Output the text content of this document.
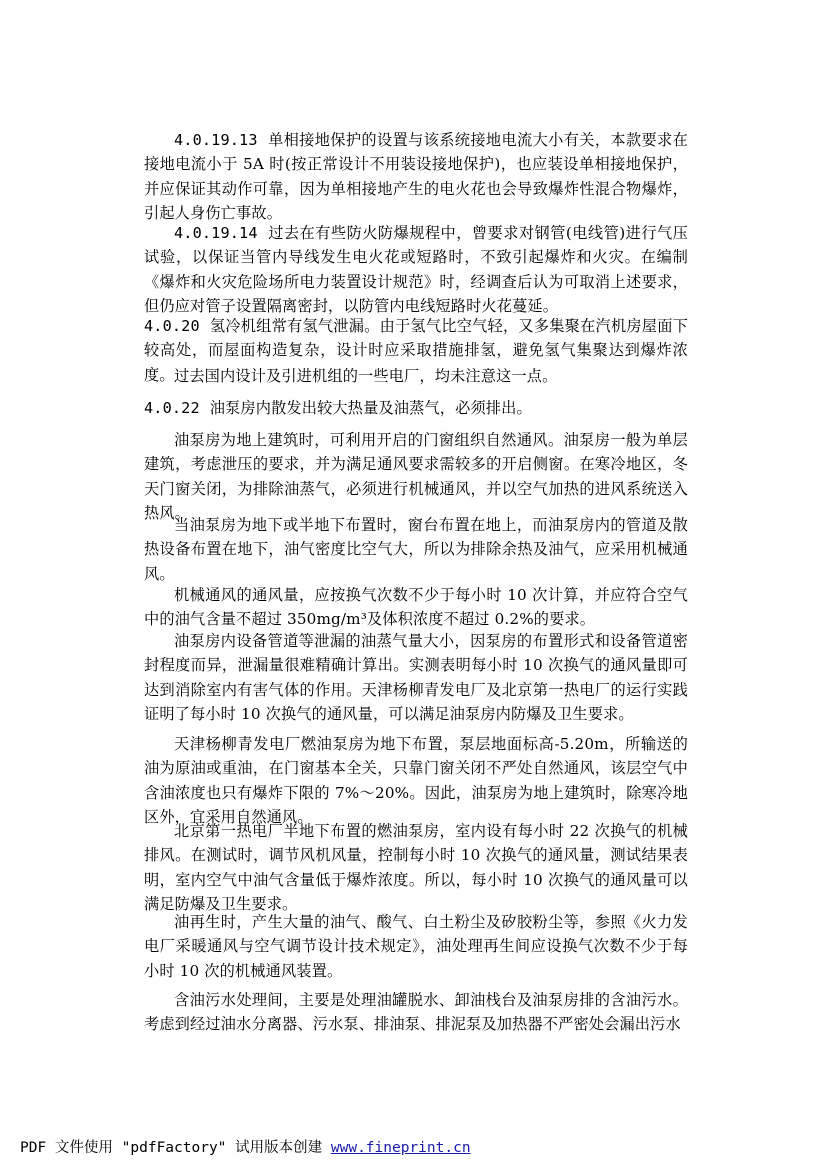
4.0.19.13 单相接地保护的设置与该系统接地电流大小有关，本款要求在接地电流小于 5A 时(按正常设计不用装设接地保护)，也应装设单相接地保护，并应保证其动作可靠，因为单相接地产生的电火花也会导致爆炸性混合物爆炸，引起人身伤亡事故。

4.0.19.14 过去在有些防火防爆规程中，曾要求对钢管(电线管)进行气压试验，以保证当管内导线发生电火花或短路时，不致引起爆炸和火灾。在编制《爆炸和火灾危险场所电力装置设计规范》时，经调查后认为可取消上述要求，但仍应对管子设置隔离密封，以防管内电线短路时火花蔓延。

4.0.20 氢冷机组常有氢气泄漏。由于氢气比空气轻，又多集聚在汽机房屋面下较高处，而屋面构造复杂，设计时应采取措施排氢，避免氢气集聚达到爆炸浓度。 过去国内设计及引进机组的一些电厂，均未注意这一点。

4.0.22 油泵房内散发出较大热量及油蒸气，必须排出。

油泵房为地上建筑时，可利用开启的门窗组织自然通风。油泵房一般为单层建筑，考虑泄压的要求，并为满足通风要求需较多的开启侧窗。在寒冷地区，冬天门窗关闭，为排除油蒸气，必须进行机械通风，并以空气加热的进风系统送入热风。

当油泵房为地下或半地下布置时，窗台布置在地上，而油泵房内的管道及散热设备布置在地下，油气密度比空气大，所以为排除余热及油气，应采用机械通风。

机械通风的通风量，应按换气次数不少于每小时 10 次计算，并应符合空气中的油气含量不超过 350mg/m³及体积浓度不超过 0.2%的要求。

油泵房内设备管道等泄漏的油蒸气量大小，因泵房的布置形式和设备管道密封程度而异，泄漏量很难精确计算出。实测表明每小时 10 次换气的通风量即可达到消除室内有害气体的作用。天津杨柳青发电厂及北京第一热电厂的运行实践证明了每小时 10 次换气的通风量，可以满足油泵房内防爆及卫生要求。

天津杨柳青发电厂燃油泵房为地下布置，泵层地面标高-5.20m，所输送的油为原油或重油，在门窗基本全关，只靠门窗关闭不严处自然通风，该层空气中含油浓度也只有爆炸下限的 7%～20%。因此，油泵房为地上建筑时，除寒冷地区外，宜采用自然通风。

北京第一热电厂半地下布置的燃油泵房，室内设有每小时 22 次换气的机械排风。在测试时，调节风机风量，控制每小时 10 次换气的通风量，测试结果表明，室内空气中油气含量低于爆炸浓度。所以，每小时 10 次换气的通风量可以满足防爆及卫生要求。

油再生时，产生大量的油气、酸气、白土粉尘及矽胶粉尘等，参照《火力发电厂采暖通风与空气调节设计技术规定》，油处理再生间应设换气次数不少于每小时 10 次的机械通风装置。

含油污水处理间，主要是处理油罐脱水、卸油栈台及油泵房排的含油污水。考虑到经过油水分离器、污水泵、排油泵、排泥泵及加热器不严密处会漏出污水

PDF 文件使用 "pdfFactory" 试用版本创建 www.fineprint.cn
